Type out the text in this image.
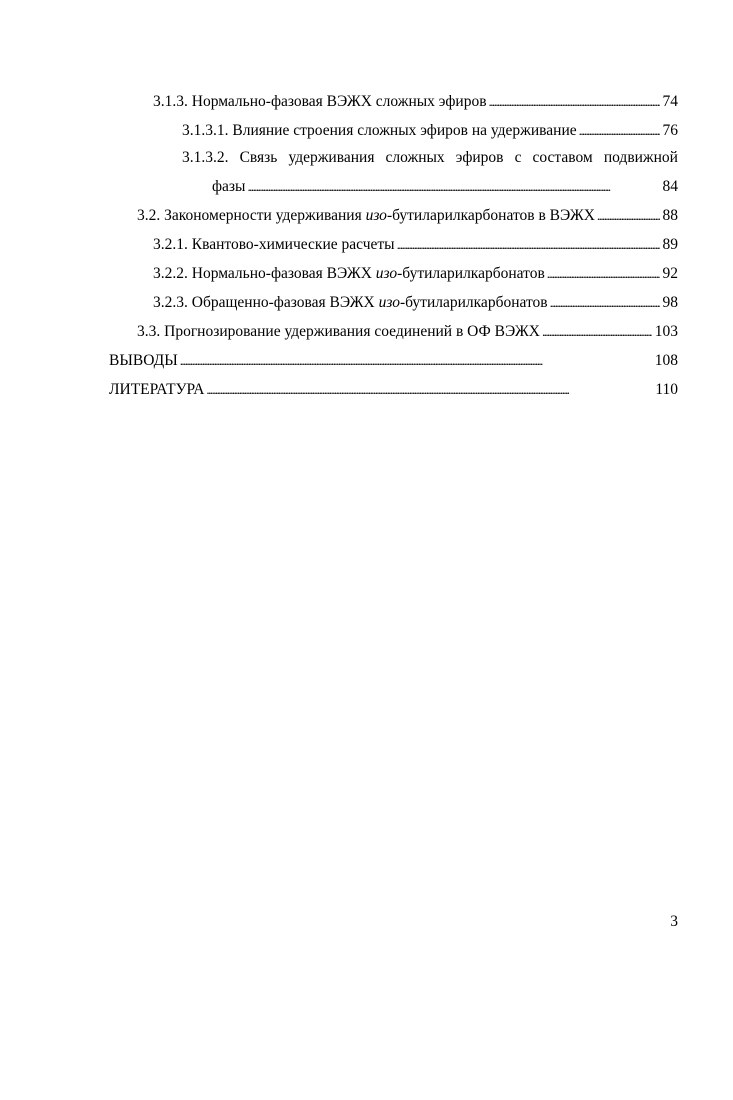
3.1.3. Нормально-фазовая ВЭЖХ сложных эфиров . . .	74
3.1.3.1. Влияние строения сложных эфиров на удерживание . . .	76
3.1.3.2. Связь удерживания сложных эфиров с составом подвижной
фазы . . .	84
3.2. Закономерности удерживания изо-бутиларилкарбонатов в ВЭЖХ . . .	88
3.2.1. Квантово-химические расчеты . . .	89
3.2.2. Нормально-фазовая ВЭЖХ изо-бутиларилкарбонатов . . .	92
3.2.3. Обращенно-фазовая ВЭЖХ изо-бутиларилкарбонатов . . .	98
3.3. Прогнозирование удерживания соединений в ОФ ВЭЖХ . . .	103
ВЫВОДЫ . . .	108
ЛИТЕРАТУРА . . .	110
3
